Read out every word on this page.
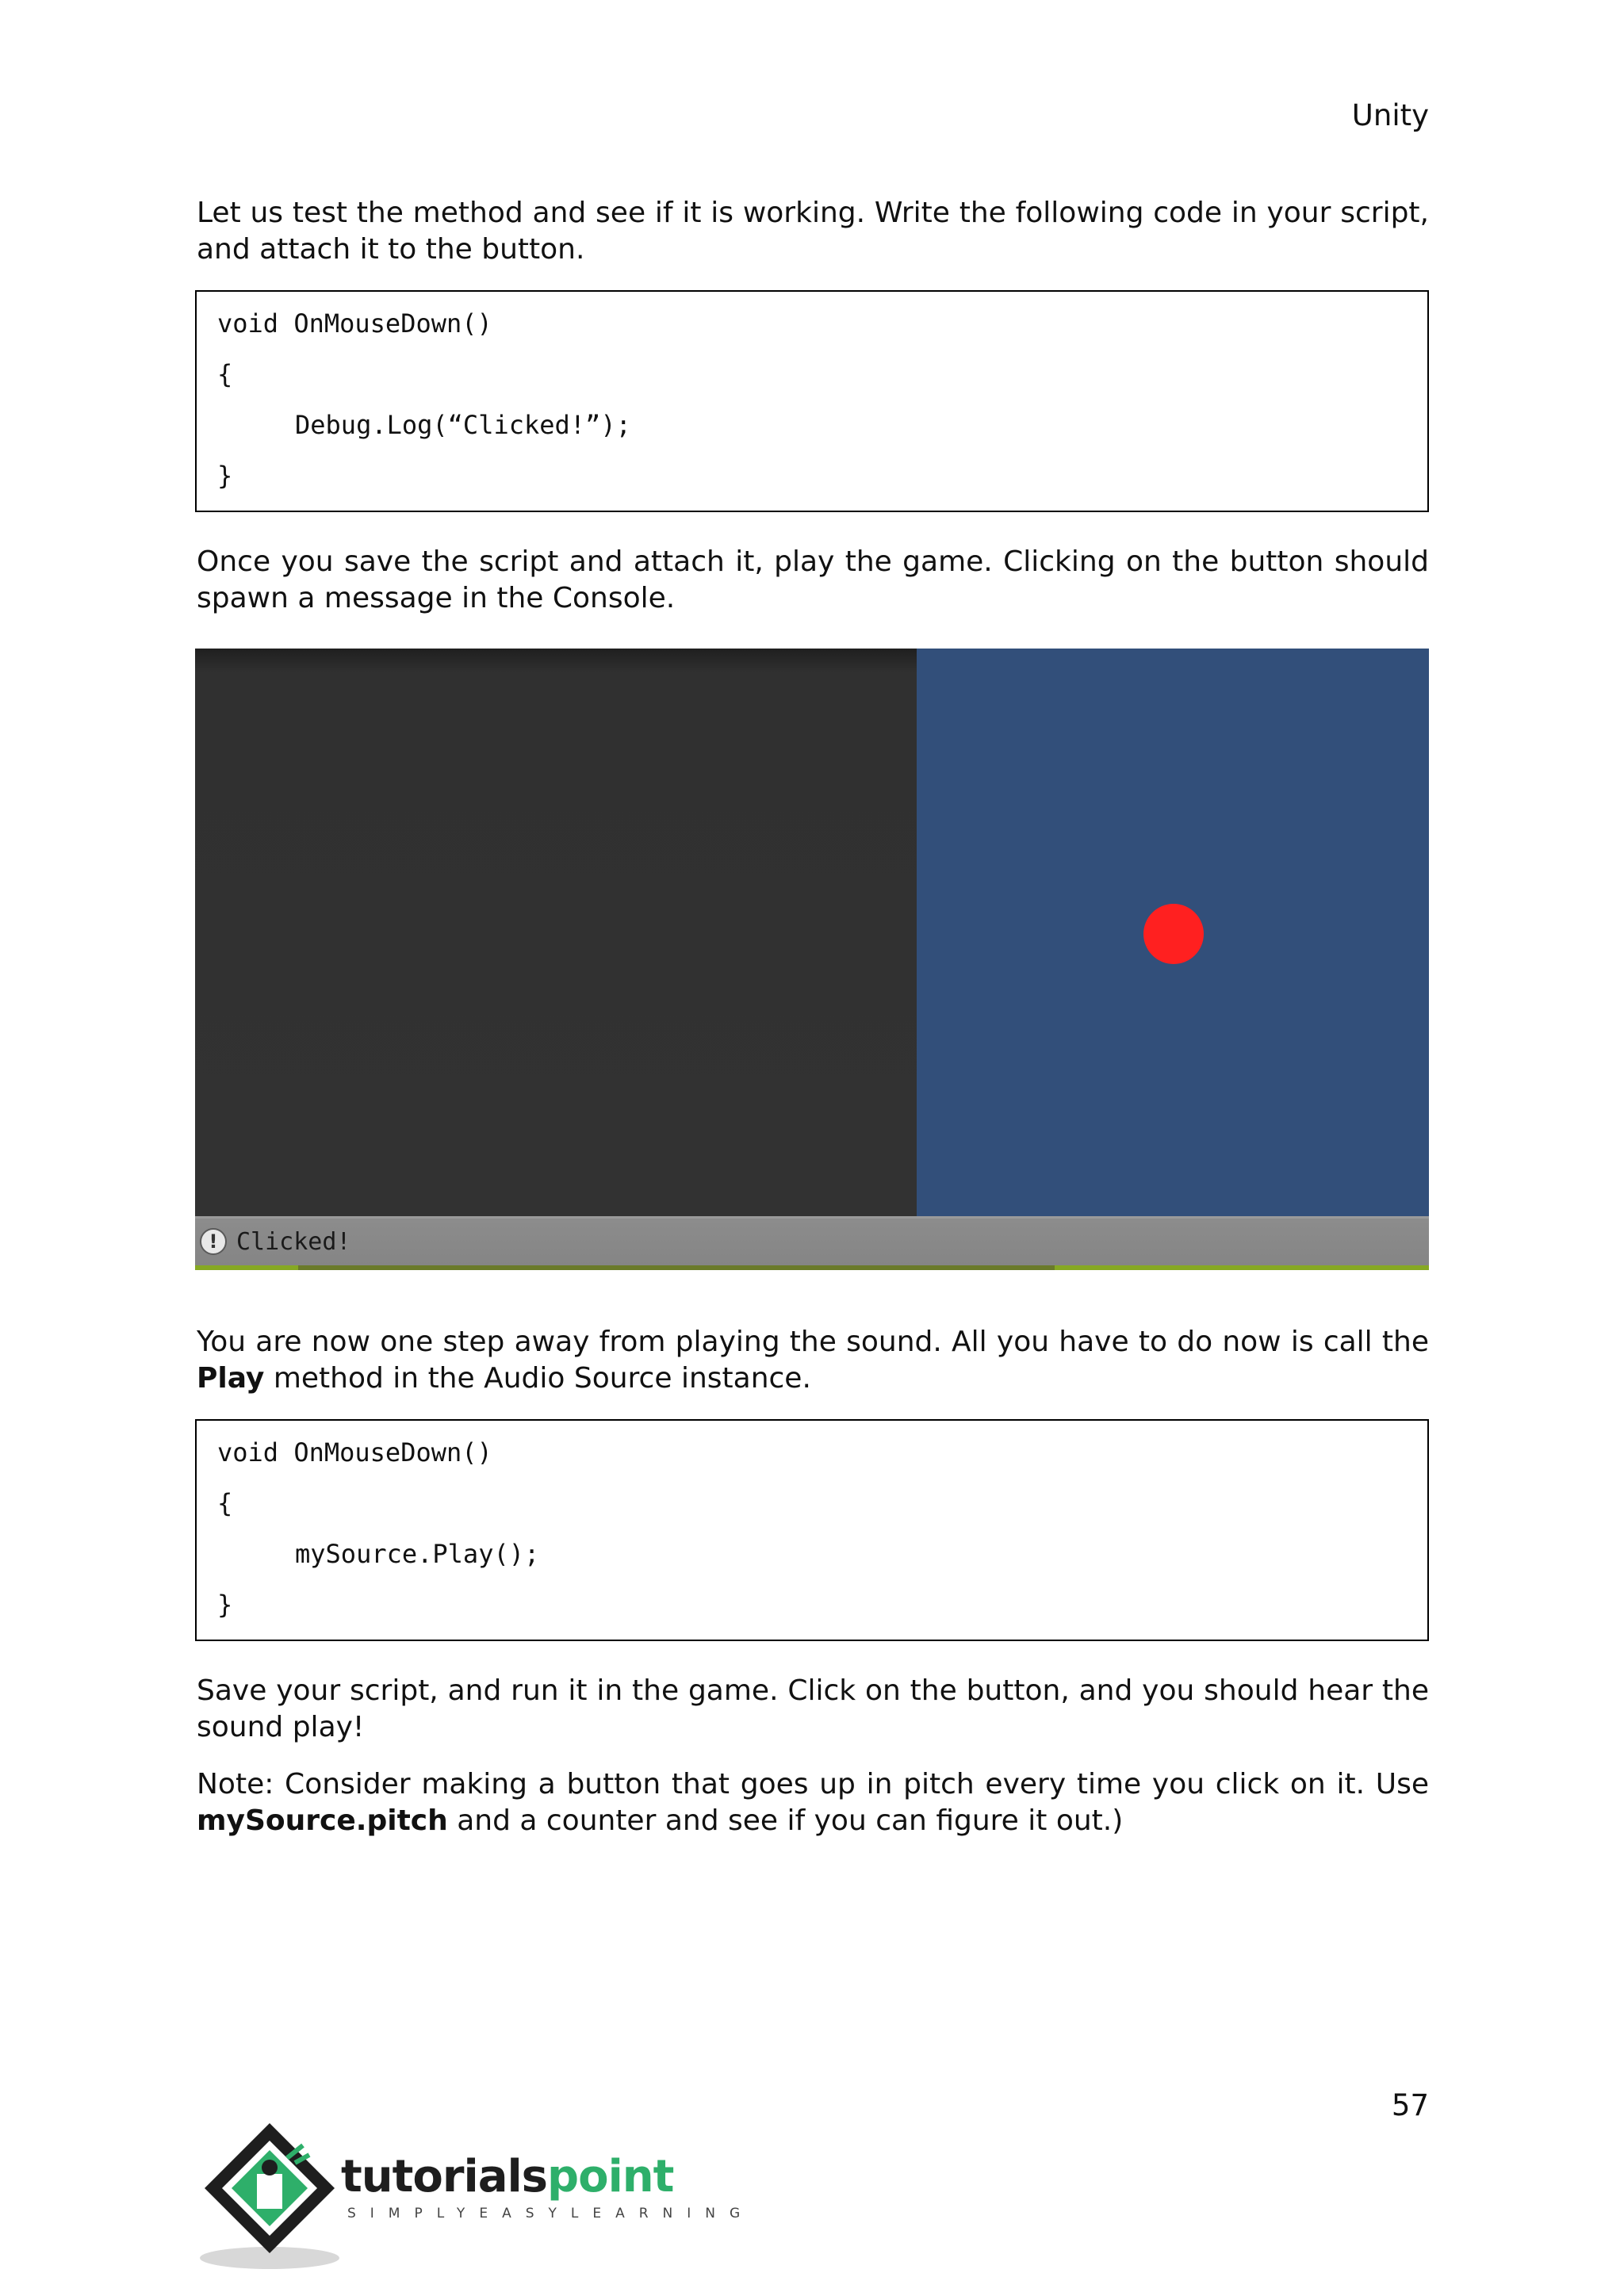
Unity
Let us test the method and see if it is working. Write the following code in your script, and attach it to the button.
void OnMouseDown()
{
Debug.Log(“Clicked!”);
}
Once you save the script and attach it, play the game. Clicking on the button should spawn a message in the Console.
! Clicked!
You are now one step away from playing the sound. All you have to do now is call the Play method in the Audio Source instance.
void OnMouseDown()
{
mySource.Play();
}
Save your script, and run it in the game. Click on the button, and you should hear the sound play!
Note: Consider making a button that goes up in pitch every time you click on it. Use mySource.pitch and a counter and see if you can figure it out.)
57
tutorialspoint
SIMPLYEASYLEARNING
